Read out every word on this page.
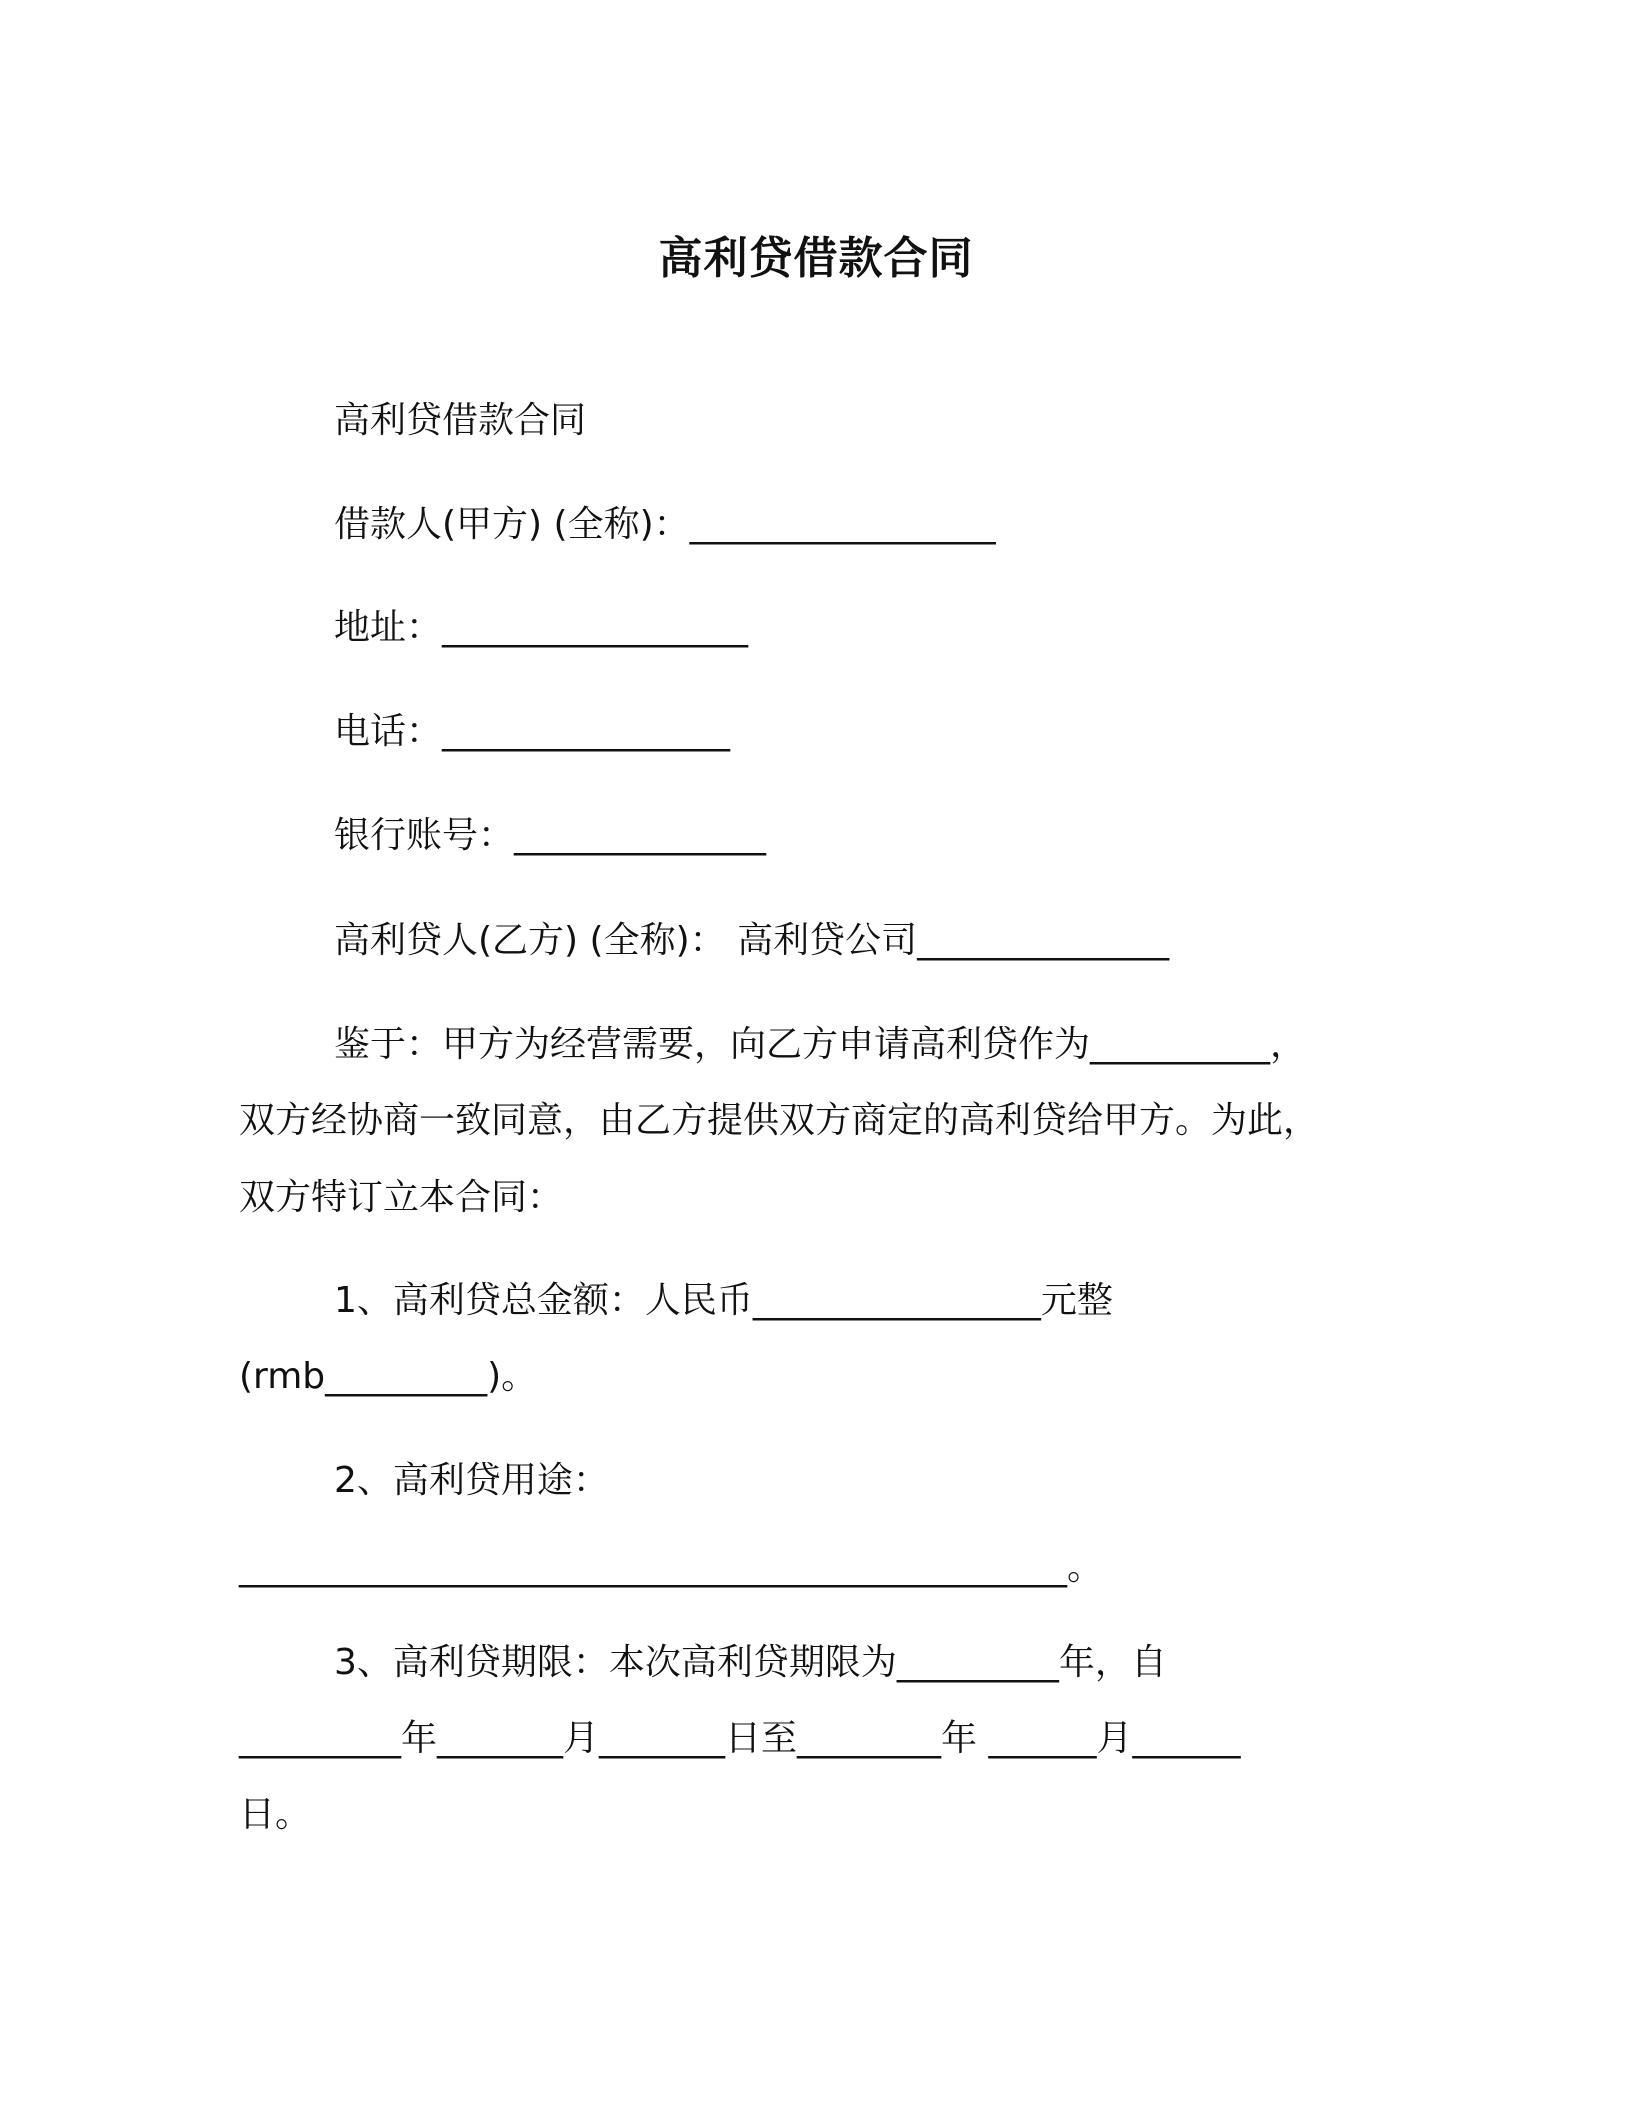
高利贷借款合同

高利贷借款合同

借款人(甲方) (全称)：_________________

地址：_________________

电话：________________

银行账号：______________

高利贷人(乙方) (全称)： 高利贷公司______________

鉴于：甲方为经营需要，向乙方申请高利贷作为__________，

双方经协商一致同意，由乙方提供双方商定的高利贷给甲方。为此，

双方特订立本合同：

1、高利贷总金额：人民币________________元整

(rmb_________)。

2、高利贷用途：

______________________________________________。

3、高利贷期限：本次高利贷期限为_________年，自

_________年_______月_______日至________年 ______月______

日。
